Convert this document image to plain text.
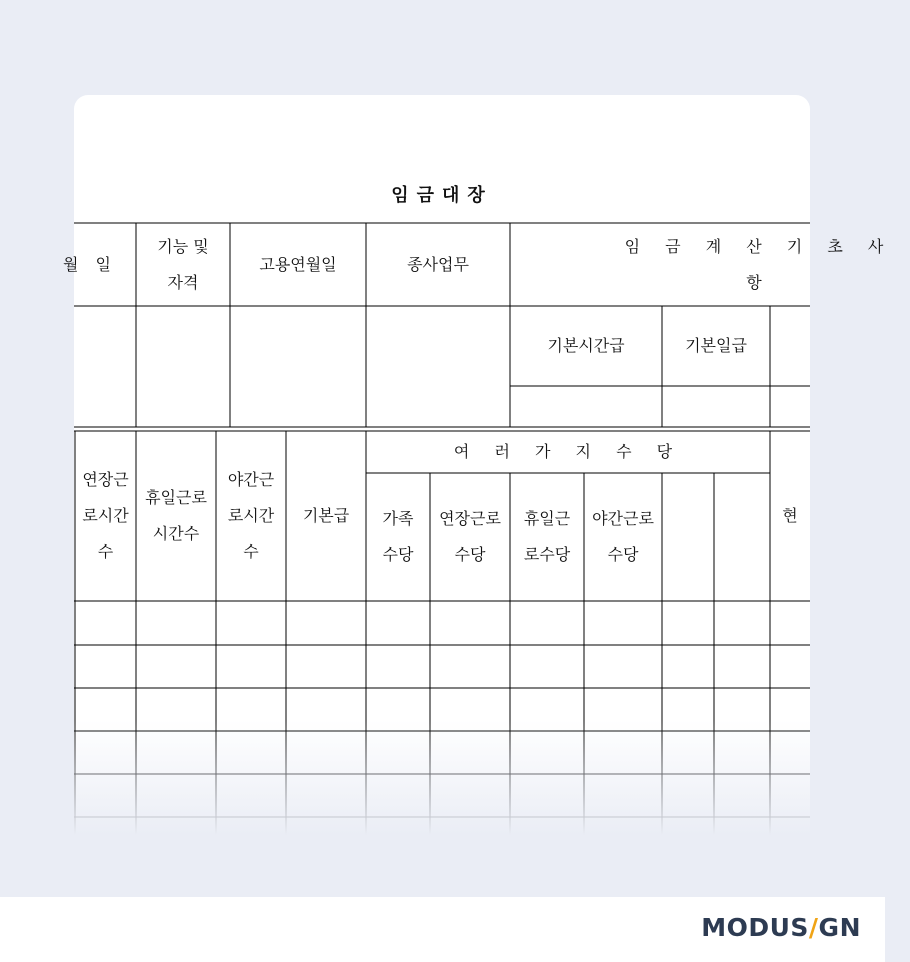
임금대장
월 일
기능 및
자격
고용연월일	종사업무
임 금 계 산 기 초 사 항
기본시간급	기본일급
연장근
로시간
수
휴일근로
시간수
야간근
로시간
수
기본급
여 러 가 지 수 당
가족
수당
연장근로
수당
휴일근
로수당
야간근로
수당
현
MODUS/GN
